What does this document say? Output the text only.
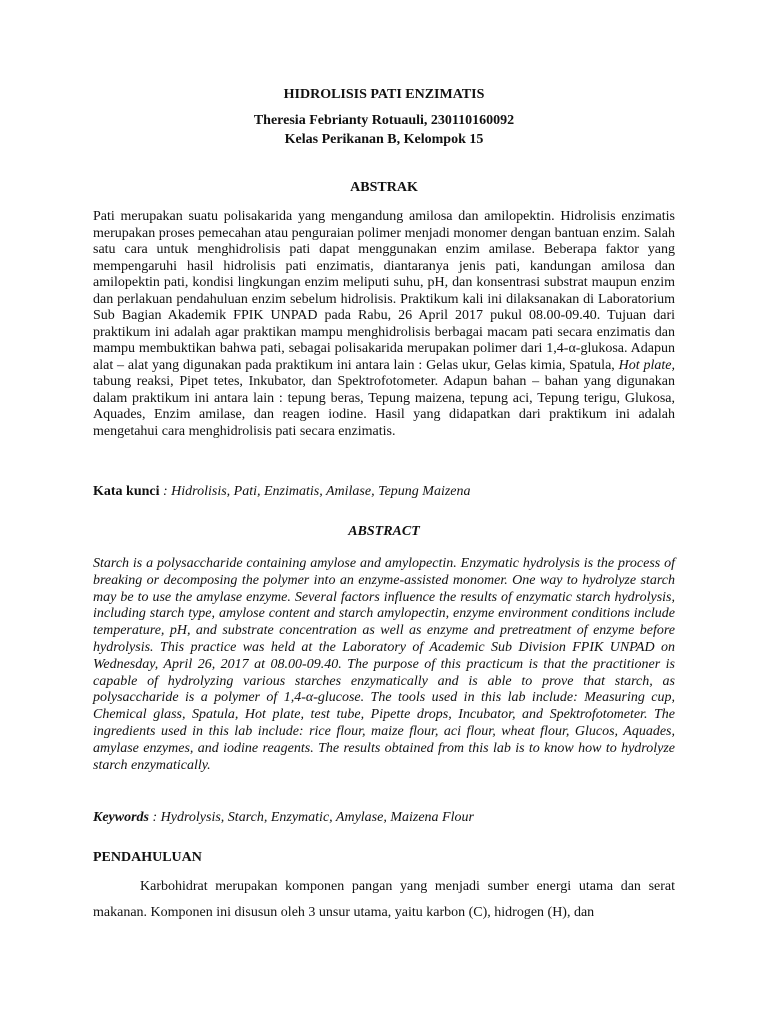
HIDROLISIS PATI ENZIMATIS
Theresia Febrianty Rotuauli, 230110160092
Kelas Perikanan B, Kelompok 15
ABSTRAK
Pati merupakan suatu polisakarida yang mengandung amilosa dan amilopektin. Hidrolisis enzimatis merupakan proses pemecahan atau penguraian polimer menjadi monomer dengan bantuan enzim. Salah satu cara untuk menghidrolisis pati dapat menggunakan enzim amilase. Beberapa faktor yang mempengaruhi hasil hidrolisis pati enzimatis, diantaranya jenis pati, kandungan amilosa dan amilopektin pati, kondisi lingkungan enzim meliputi suhu, pH, dan konsentrasi substrat maupun enzim dan perlakuan pendahuluan enzim sebelum hidrolisis. Praktikum kali ini dilaksanakan di Laboratorium Sub Bagian Akademik FPIK UNPAD pada Rabu, 26 April 2017 pukul 08.00-09.40. Tujuan dari praktikum ini adalah agar praktikan mampu menghidrolisis berbagai macam pati secara enzimatis dan mampu membuktikan bahwa pati, sebagai polisakarida merupakan polimer dari 1,4-α-glukosa. Adapun alat – alat yang digunakan pada praktikum ini antara lain : Gelas ukur, Gelas kimia, Spatula, Hot plate, tabung reaksi, Pipet tetes, Inkubator, dan Spektrofotometer. Adapun bahan – bahan yang digunakan dalam praktikum ini antara lain : tepung beras, Tepung maizena, tepung aci, Tepung terigu, Glukosa, Aquades, Enzim amilase, dan reagen iodine. Hasil yang didapatkan dari praktikum ini adalah mengetahui cara menghidrolisis pati secara enzimatis.
Kata kunci : Hidrolisis, Pati, Enzimatis, Amilase, Tepung Maizena
ABSTRACT
Starch is a polysaccharide containing amylose and amylopectin. Enzymatic hydrolysis is the process of breaking or decomposing the polymer into an enzyme-assisted monomer. One way to hydrolyze starch may be to use the amylase enzyme. Several factors influence the results of enzymatic starch hydrolysis, including starch type, amylose content and starch amylopectin, enzyme environment conditions include temperature, pH, and substrate concentration as well as enzyme and pretreatment of enzyme before hydrolysis. This practice was held at the Laboratory of Academic Sub Division FPIK UNPAD on Wednesday, April 26, 2017 at 08.00-09.40. The purpose of this practicum is that the practitioner is capable of hydrolyzing various starches enzymatically and is able to prove that starch, as polysaccharide is a polymer of 1,4-α-glucose. The tools used in this lab include: Measuring cup, Chemical glass, Spatula, Hot plate, test tube, Pipette drops, Incubator, and Spektrofotometer. The ingredients used in this lab include: rice flour, maize flour, aci flour, wheat flour, Glucos, Aquades, amylase enzymes, and iodine reagents. The results obtained from this lab is to know how to hydrolyze starch enzymatically.
Keywords : Hydrolysis, Starch, Enzymatic, Amylase, Maizena Flour
PENDAHULUAN
Karbohidrat merupakan komponen pangan yang menjadi sumber energi utama dan serat makanan. Komponen ini disusun oleh 3 unsur utama, yaitu karbon (C), hidrogen (H), dan
